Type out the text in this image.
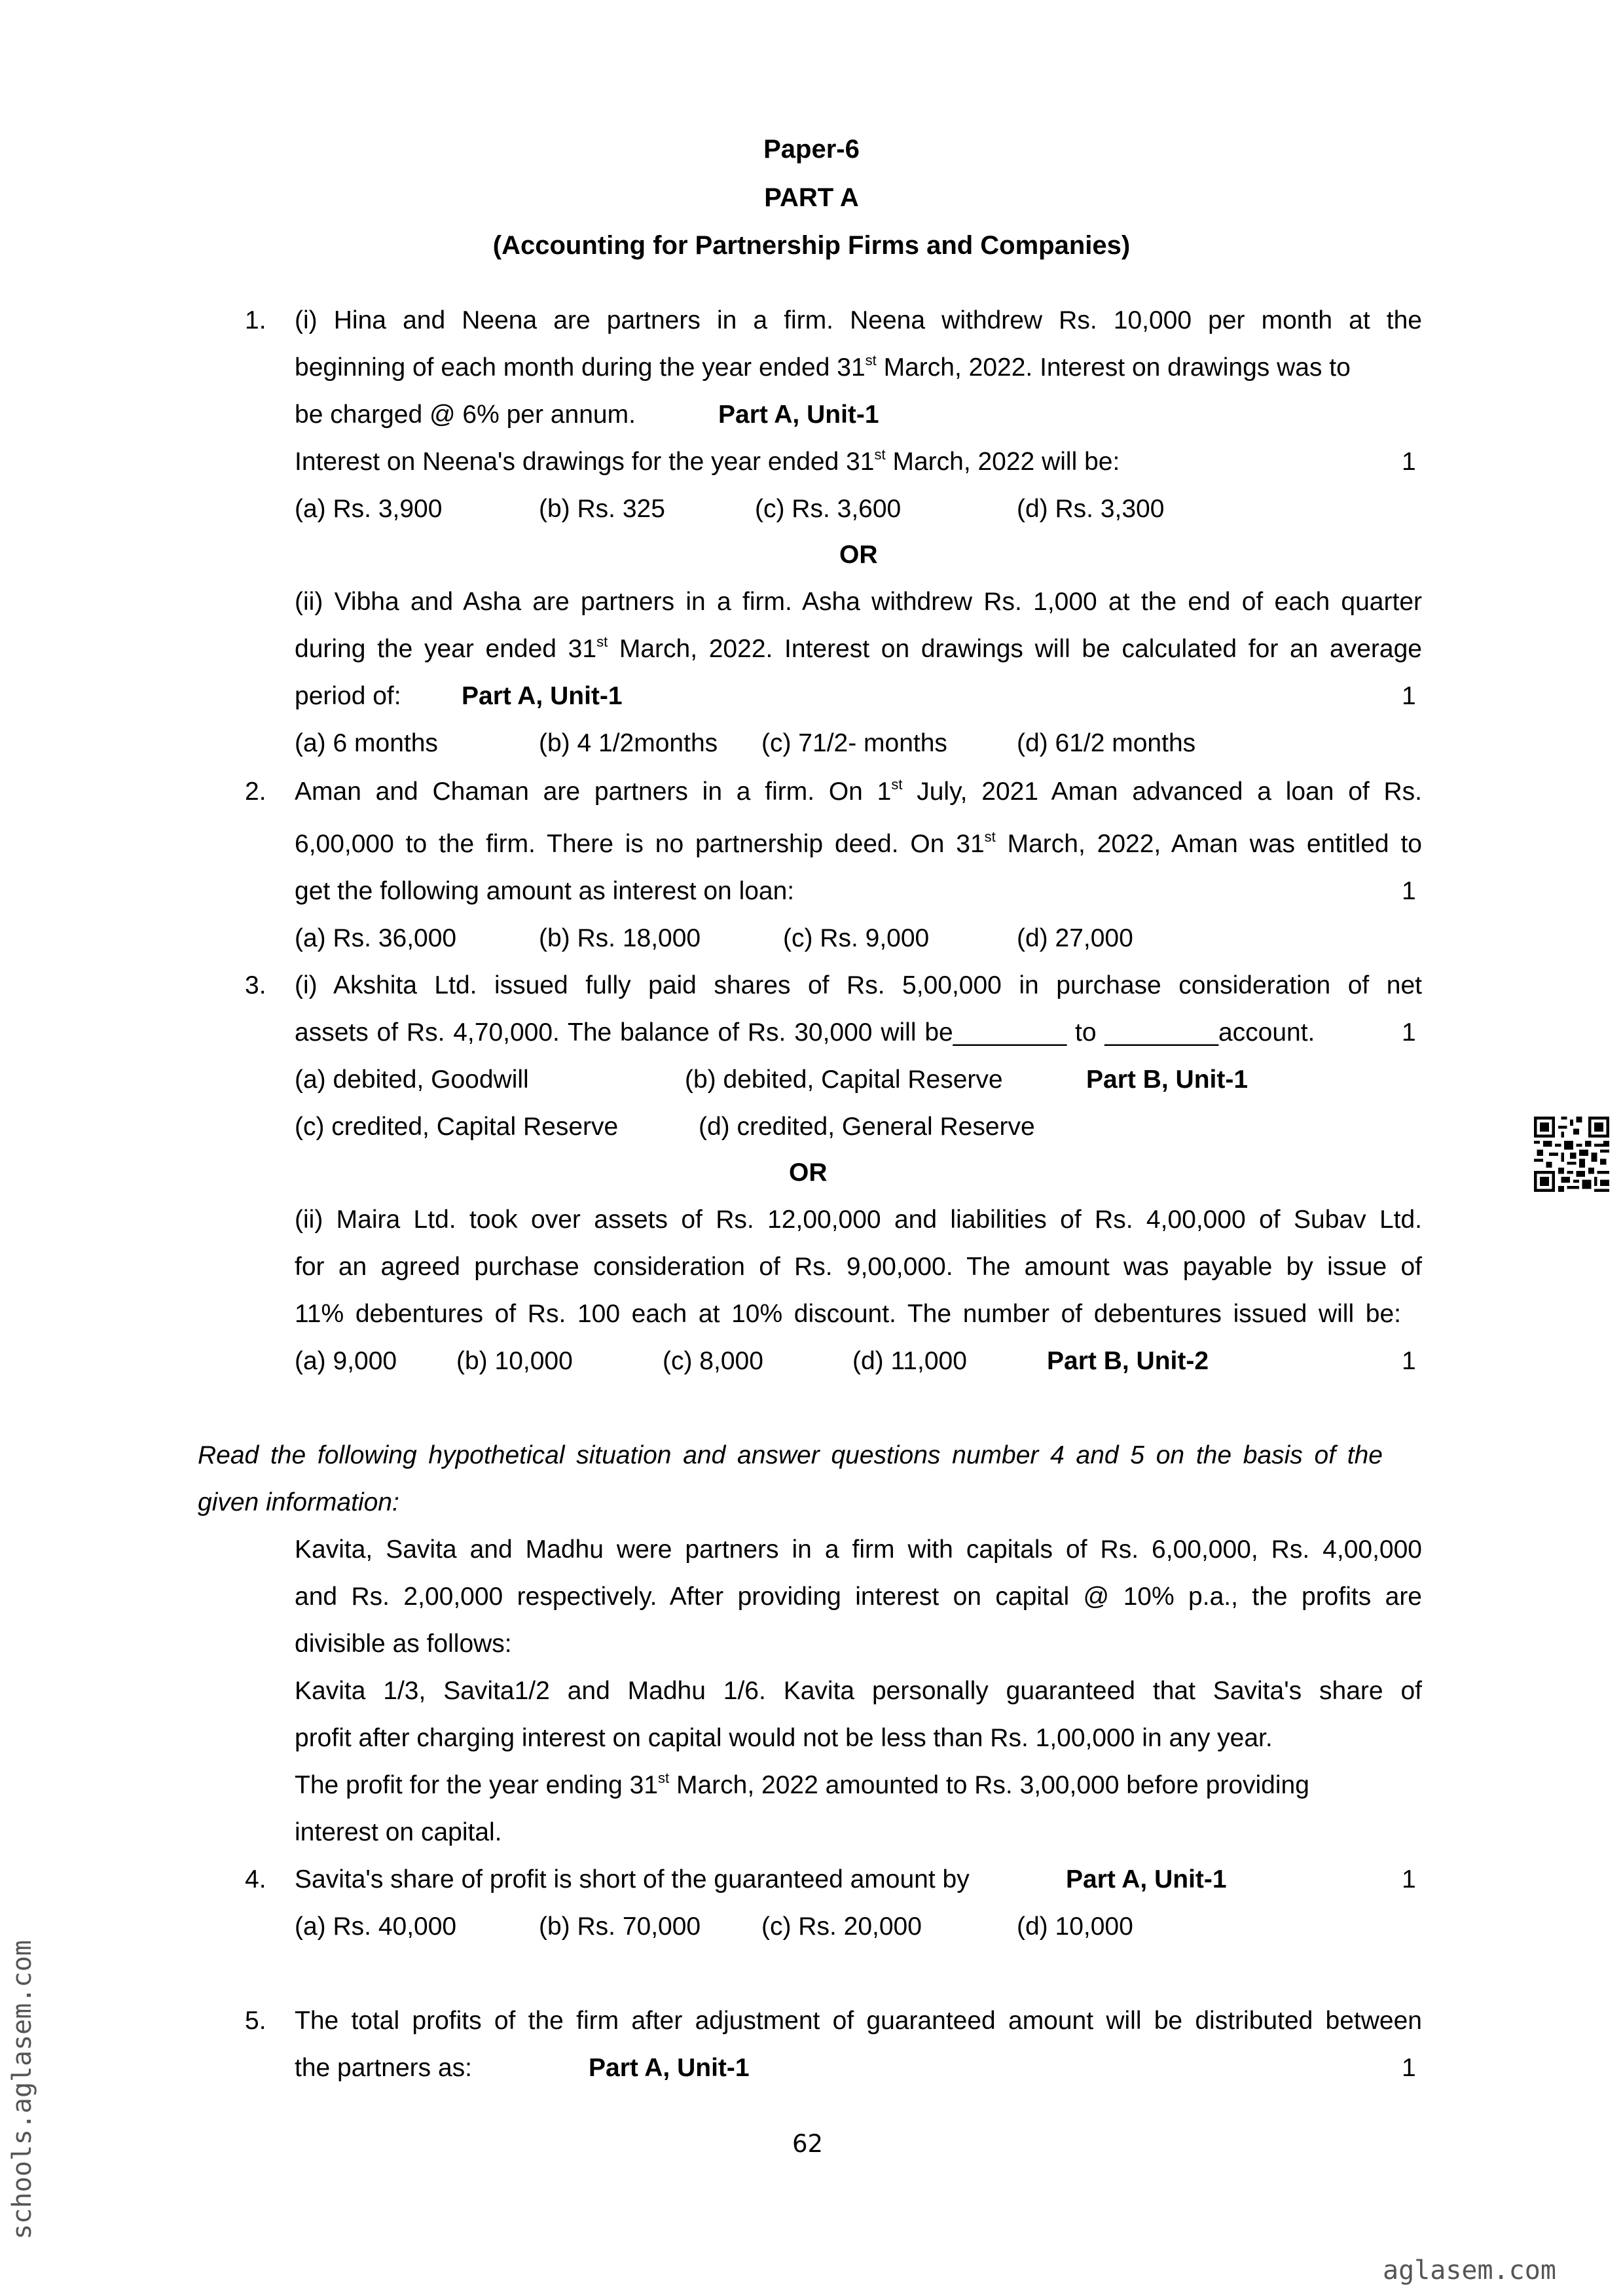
Paper-6
PART A
(Accounting for Partnership Firms and Companies)
1. (i) Hina and Neena are partners in a firm. Neena withdrew Rs. 10,000 per month at the
beginning of each month during the year ended 31st March, 2022. Interest on drawings was to
be charged @ 6% per annum.	Part A, Unit-1
Interest on Neena's drawings for the year ended 31st March, 2022 will be:	1
(a) Rs. 3,900	(b) Rs. 325	(c) Rs. 3,600	(d) Rs. 3,300
OR
(ii) Vibha and Asha are partners in a firm. Asha withdrew Rs. 1,000 at the end of each quarter
during the year ended 31st March, 2022. Interest on drawings will be calculated for an average
period of: Part A, Unit-1	1
(a) 6 months	(b) 4 1/2months (c) 71/2- months	(d) 61/2 months
2. Aman and Chaman are partners in a firm. On 1st July, 2021 Aman advanced a loan of Rs.
6,00,000 to the firm. There is no partnership deed. On 31st March, 2022, Aman was entitled to
get the following amount as interest on loan:	1
(a) Rs. 36,000	(b) Rs. 18,000	(c) Rs. 9,000	(d) 27,000
3. (i) Akshita Ltd. issued fully paid shares of Rs. 5,00,000 in purchase consideration of net
assets of Rs. 4,70,000. The balance of Rs. 30,000 will be________ to ________account.	1
(a) debited, Goodwill	(b) debited, Capital Reserve	Part B, Unit-1
(c) credited, Capital Reserve	(d) credited, General Reserve
OR
(ii) Maira Ltd. took over assets of Rs. 12,00,000 and liabilities of Rs. 4,00,000 of Subav Ltd.
for an agreed purchase consideration of Rs. 9,00,000. The amount was payable by issue of
11% debentures of Rs. 100 each at 10% discount. The number of debentures issued will be:
(a) 9,000 (b) 10,000	(c) 8,000	(d) 11,000	Part B, Unit-2	1
Read the following hypothetical situation and answer questions number 4 and 5 on the basis of the
given information:
Kavita, Savita and Madhu were partners in a firm with capitals of Rs. 6,00,000, Rs. 4,00,000
and Rs. 2,00,000 respectively. After providing interest on capital @ 10% p.a., the profits are
divisible as follows:
Kavita 1/3, Savita1/2 and Madhu 1/6. Kavita personally guaranteed that Savita's share of
profit after charging interest on capital would not be less than Rs. 1,00,000 in any year.
The profit for the year ending 31st March, 2022 amounted to Rs. 3,00,000 before providing
interest on capital.
4. Savita's share of profit is short of the guaranteed amount by	Part A, Unit-1	1
(a) Rs. 40,000	(b) Rs. 70,000 (c) Rs. 20,000	(d) 10,000
5. The total profits of the firm after adjustment of guaranteed amount will be distributed between
the partners as:	Part A, Unit-1	1
62
schools.aglasem.com
aglasem.com
